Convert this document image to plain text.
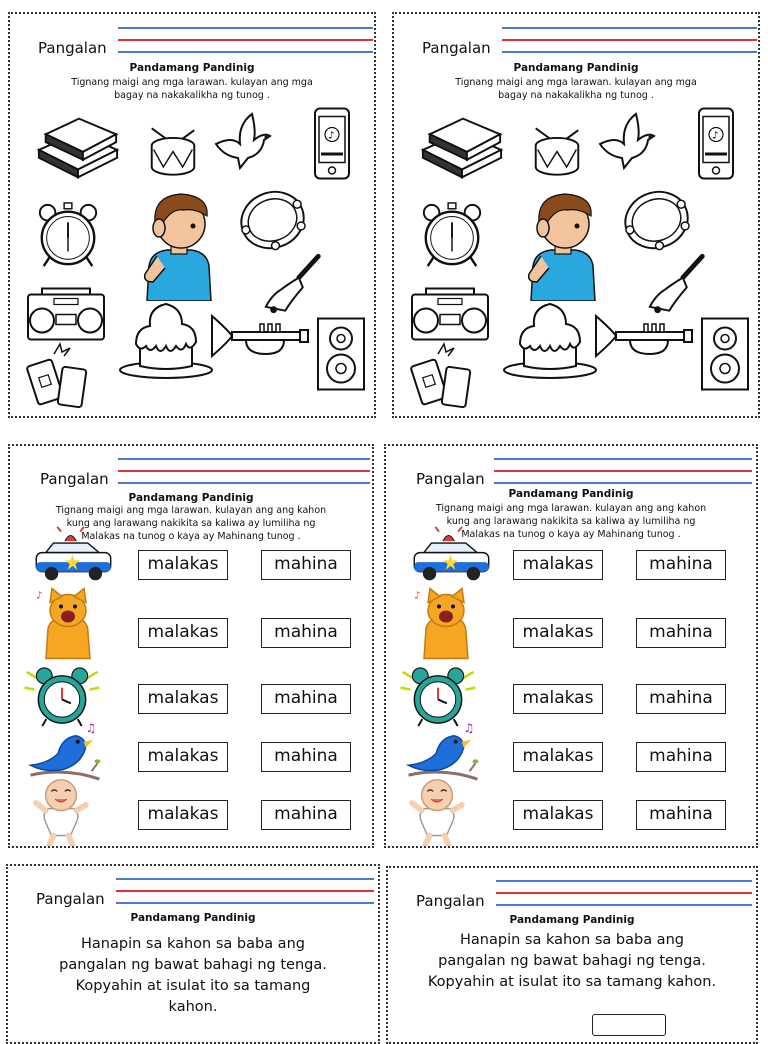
Pangalan
Pandamang Pandinig
Tignang maigi ang mga larawan. kulayan ang mga
bagay na nakakalikha ng tunog .
Pangalan
Pandamang Pandinig
Tignang maigi ang mga larawan. kulayan ang mga
bagay na nakakalikha ng tunog .
Pangalan
Pandamang Pandinig
Tignang maigi ang mga larawan. kulayan ang ang kahon
kung ang larawang nakikita sa kaliwa ay lumiliha ng
Malakas na tunog o kaya ay Mahinang tunog .
malakas	mahina
malakas	mahina
malakas	mahina
malakas	mahina
malakas	mahina
Pangalan
Pandamang Pandinig
Tignang maigi ang mga larawan. kulayan ang ang kahon
kung ang larawang nakikita sa kaliwa ay lumiliha ng
Malakas na tunog o kaya ay Mahinang tunog .
malakas	mahina
malakas	mahina
malakas	mahina
malakas	mahina
malakas	mahina
Pangalan
Pandamang Pandinig
Hanapin sa kahon sa baba ang
pangalan ng bawat bahagi ng tenga.
Kopyahin at isulat ito sa tamang
kahon.
Pangalan
Pandamang Pandinig
Hanapin sa kahon sa baba ang
pangalan ng bawat bahagi ng tenga.
Kopyahin at isulat ito sa tamang kahon.
